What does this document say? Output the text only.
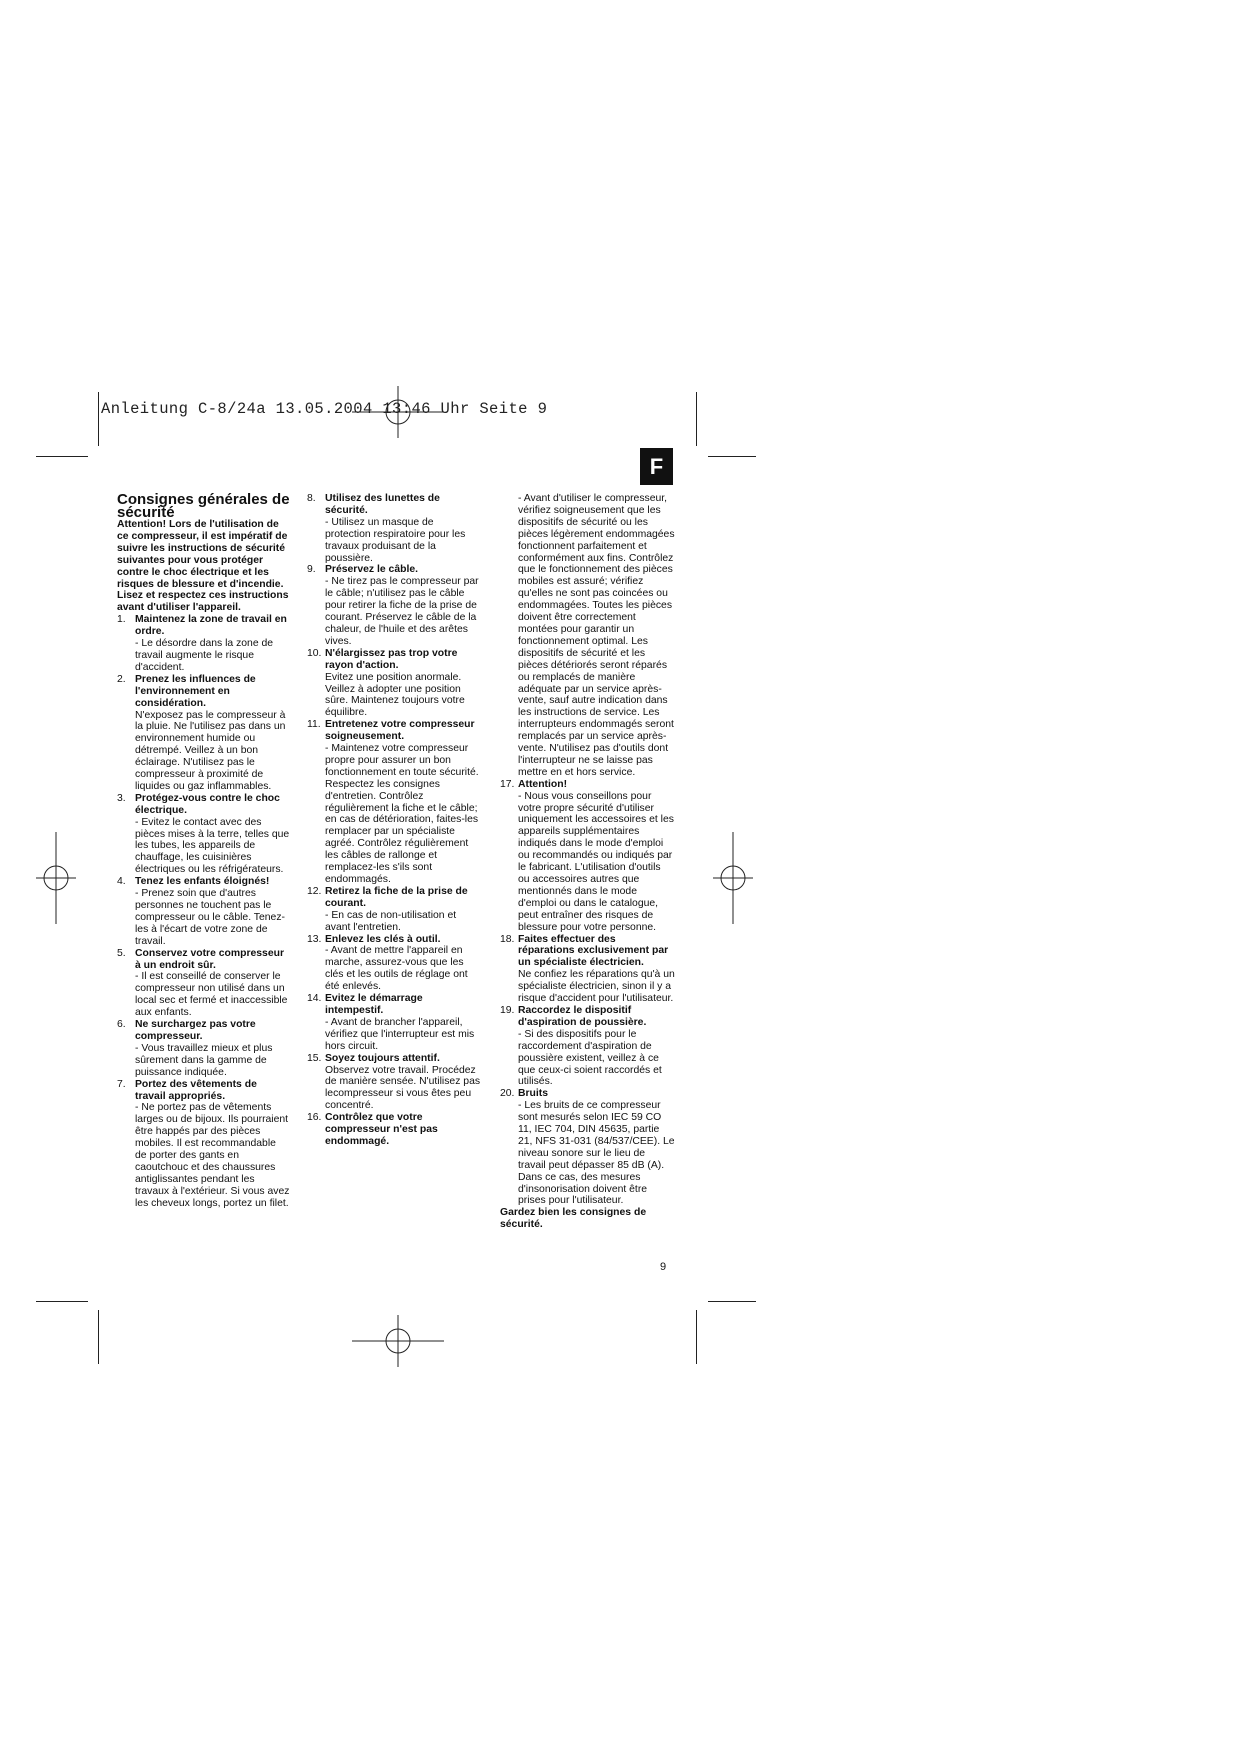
Anleitung C-8/24a 13.05.2004 13:46 Uhr Seite 9
F

Consignes générales de sécurité

Attention! Lors de l'utilisation de ce compresseur, il est impératif de suivre les instructions de sécurité suivantes pour vous protéger contre le choc électrique et les risques de blessure et d'incendie. Lisez et respectez ces instructions avant d'utiliser l'appareil.

1. Maintenez la zone de travail en ordre.

- Le désordre dans la zone de travail augmente le risque d'accident.

2. Prenez les influences de l'environnement en considération.

N'exposez pas le compresseur à la pluie. Ne l'utilisez pas dans un environnement humide ou détrempé. Veillez à un bon éclairage. N'utilisez pas le compresseur à proximité de liquides ou gaz inflammables.

3. Protégez-vous contre le choc électrique.

- Evitez le contact avec des pièces mises à la terre, telles que les tubes, les appareils de chauffage, les cuisinières électriques ou les réfrigérateurs.

4. Tenez les enfants éloignés!

- Prenez soin que d'autres personnes ne touchent pas le compresseur ou le câble. Tenez-les à l'écart de votre zone de travail.

5. Conservez votre compresseur à un endroit sûr.

- Il est conseillé de conserver le compresseur non utilisé dans un local sec et fermé et inaccessible aux enfants.

6. Ne surchargez pas votre compresseur.

- Vous travaillez mieux et plus sûrement dans la gamme de puissance indiquée.

7. Portez des vêtements de travail appropriés.

- Ne portez pas de vêtements larges ou de bijoux. Ils pourraient être happés par des pièces mobiles. Il est recommandable de porter des gants en caoutchouc et des chaussures antiglissantes pendant les travaux à l'extérieur. Si vous avez les cheveux longs, portez un filet.

8. Utilisez des lunettes de sécurité.

- Utilisez un masque de protection respiratoire pour les travaux produisant de la poussière.

9. Préservez le câble.

- Ne tirez pas le compresseur par le câble; n'utilisez pas le câble pour retirer la fiche de la prise de courant. Préservez le câble de la chaleur, de l'huile et des arêtes vives.

10. N'élargissez pas trop votre rayon d'action.

Evitez une position anormale. Veillez à adopter une position sûre. Maintenez toujours votre équilibre.

11. Entretenez votre compresseur soigneusement.

- Maintenez votre compresseur propre pour assurer un bon fonctionnement en toute sécurité. Respectez les consignes d'entretien. Contrôlez régulièrement la fiche et le câble; en cas de détérioration, faites-les remplacer par un spécialiste agréé. Contrôlez régulièrement les câbles de rallonge et remplacez-les s'ils sont endommagés.

12. Retirez la fiche de la prise de courant.

- En cas de non-utilisation et avant l'entretien.

13. Enlevez les clés à outil.

- Avant de mettre l'appareil en marche, assurez-vous que les clés et les outils de réglage ont été enlevés.

14. Evitez le démarrage intempestif.

- Avant de brancher l'appareil, vérifiez que l'interrupteur est mis hors circuit.

15. Soyez toujours attentif.

Observez votre travail. Procédez de manière sensée. N'utilisez pas lecompresseur si vous êtes peu concentré.

16. Contrôlez que votre compresseur n'est pas endommagé.

- Avant d'utiliser le compresseur, vérifiez soigneusement que les dispositifs de sécurité ou les pièces légèrement endommagées fonctionnent parfaitement et conformément aux fins. Contrôlez que le fonctionnement des pièces mobiles est assuré; vérifiez qu'elles ne sont pas coincées ou endommagées. Toutes les pièces doivent être correctement montées pour garantir un fonctionnement optimal. Les dispositifs de sécurité et les pièces détériorés seront réparés ou remplacés de manière adéquate par un service après-vente, sauf autre indication dans les instructions de service. Les interrupteurs endommagés seront remplacés par un service après-vente. N'utilisez pas d'outils dont l'interrupteur ne se laisse pas mettre en et hors service.

17. Attention!

- Nous vous conseillons pour votre propre sécurité d'utiliser uniquement les accessoires et les appareils supplémentaires indiqués dans le mode d'emploi ou recommandés ou indiqués par le fabricant. L'utilisation d'outils ou accessoires autres que mentionnés dans le mode d'emploi ou dans le catalogue, peut entraîner des risques de blessure pour votre personne.

18. Faites effectuer des réparations exclusivement par un spécialiste électricien.

Ne confiez les réparations qu'à un spécialiste électricien, sinon il y a risque d'accident pour l'utilisateur.

19. Raccordez le dispositif d'aspiration de poussière.

- Si des dispositifs pour le raccordement d'aspiration de poussière existent, veillez à ce que ceux-ci soient raccordés et utilisés.

20. Bruits

- Les bruits de ce compresseur sont mesurés selon IEC 59 CO 11, IEC 704, DIN 45635, partie 21, NFS 31-031 (84/537/CEE). Le niveau sonore sur le lieu de travail peut dépasser 85 dB (A). Dans ce cas, des mesures d'insonorisation doivent être prises pour l'utilisateur.

Gardez bien les consignes de sécurité.

9
